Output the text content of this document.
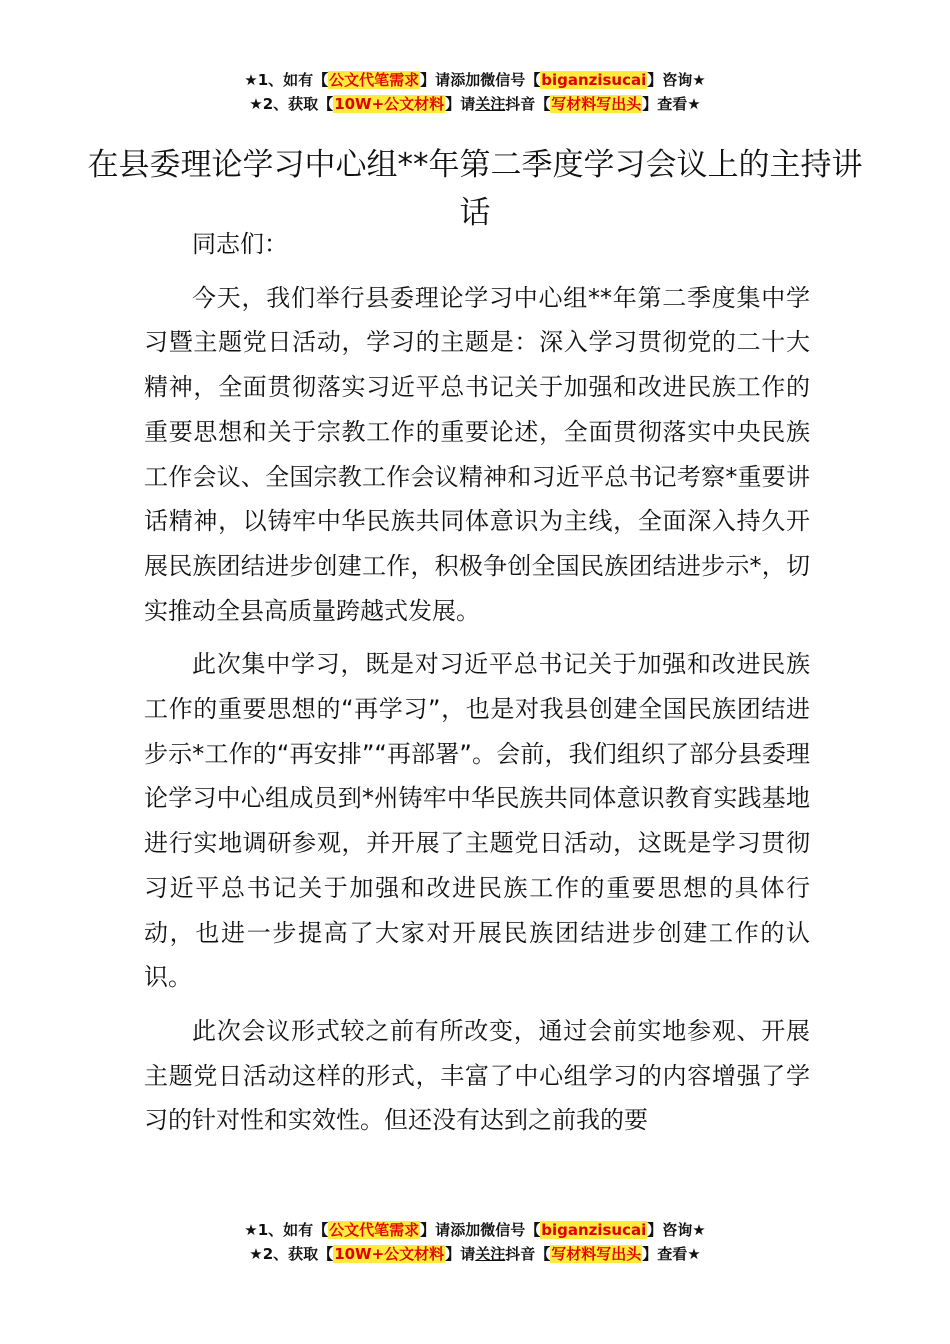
★1、如有【公文代笔需求】请添加微信号【biganzisucai】咨询★
★2、获取【10W+公文材料】请关注抖音【写材料写出头】查看★
在县委理论学习中心组**年第二季度学习会议上的主持讲话

同志们：

今天，我们举行县委理论学习中心组**年第二季度集中学习暨主题党日活动，学习的主题是：深入学习贯彻党的二十大精神，全面贯彻落实习近平总书记关于加强和改进民族工作的重要思想和关于宗教工作的重要论述，全面贯彻落实中央民族工作会议、全国宗教工作会议精神和习近平总书记考察*重要讲话精神，以铸牢中华民族共同体意识为主线，全面深入持久开展民族团结进步创建工作，积极争创全国民族团结进步示*，切实推动全县高质量跨越式发展。

此次集中学习，既是对习近平总书记关于加强和改进民族工作的重要思想的“再学习”，也是对我县创建全国民族团结进步示*工作的“再安排”“再部署”。会前，我们组织了部分县委理论学习中心组成员到*州铸牢中华民族共同体意识教育实践基地进行实地调研参观，并开展了主题党日活动，这既是学习贯彻习近平总书记关于加强和改进民族工作的重要思想的具体行动，也进一步提高了大家对开展民族团结进步创建工作的认识。

此次会议形式较之前有所改变，通过会前实地参观、开展主题党日活动这样的形式，丰富了中心组学习的内容增强了学习的针对性和实效性。但还没有达到之前我的要

★1、如有【公文代笔需求】请添加微信号【biganzisucai】咨询★
★2、获取【10W+公文材料】请关注抖音【写材料写出头】查看★
